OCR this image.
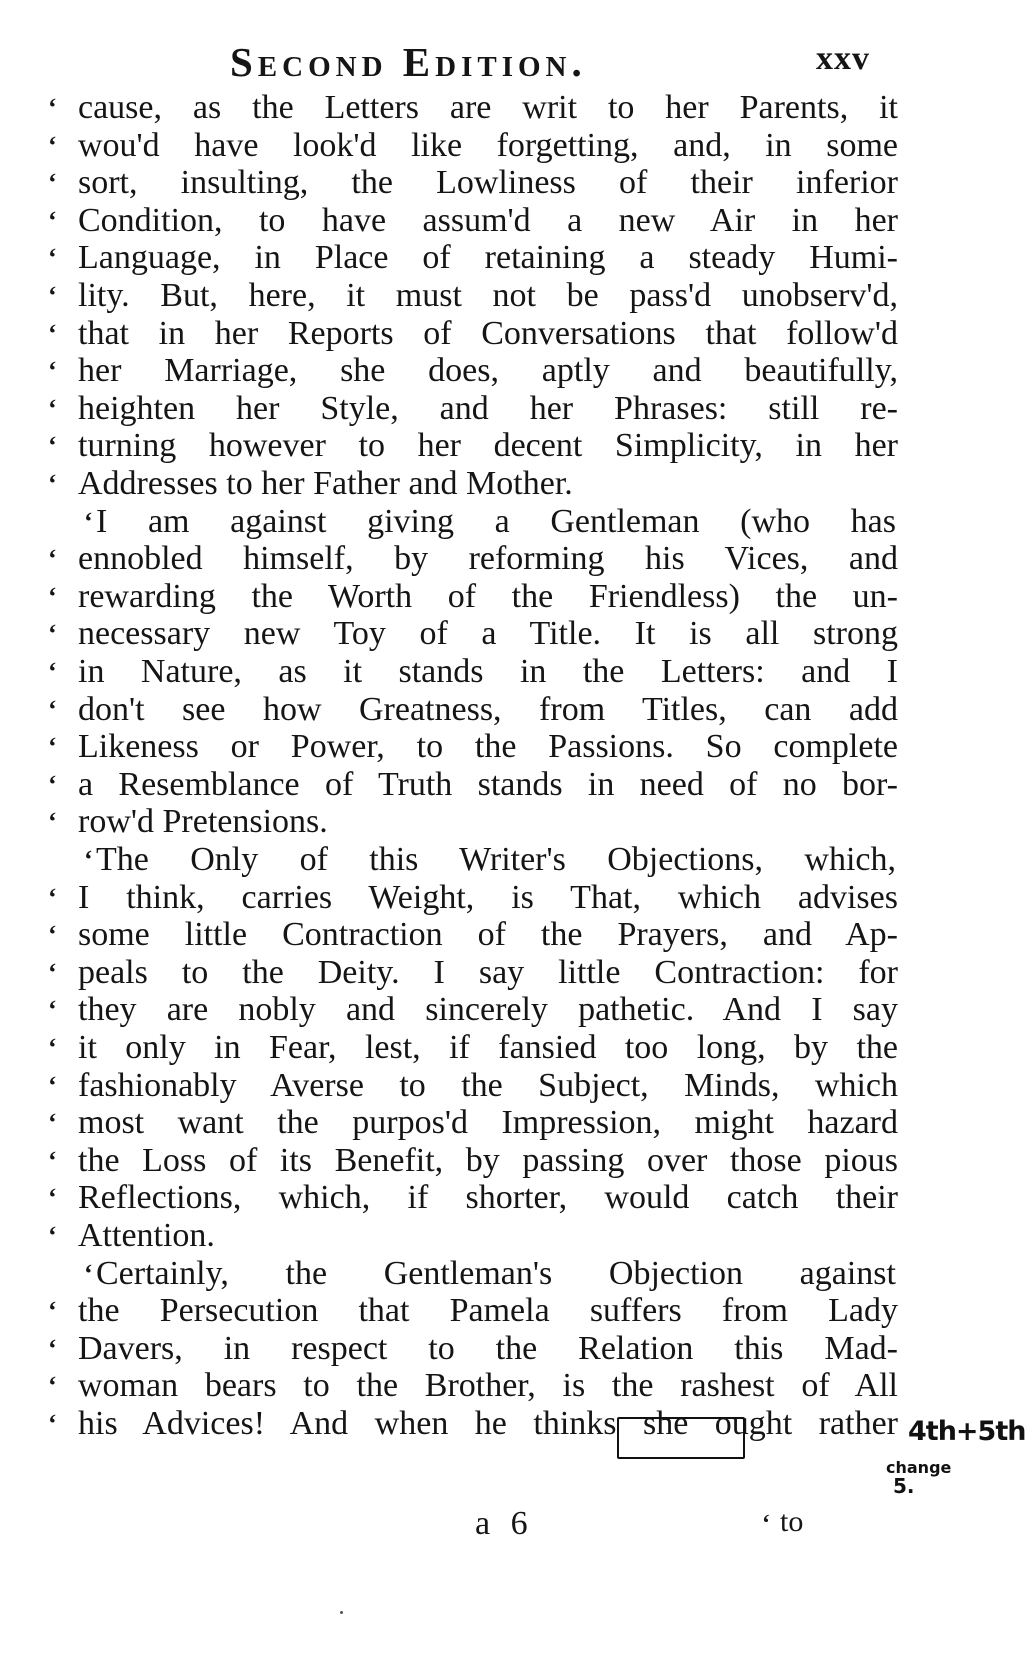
Second Edition.	xxv
‘ cause, as the Letters are writ to her Parents, it
‘ wou'd have look'd like forgetting, and, in some
‘ sort, insulting, the Lowliness of their inferior
‘ Condition, to have assum'd a new Air in her
‘ Language, in Place of retaining a steady Humi-
‘ lity. But, here, it must not be pass'd unobserv'd,
‘ that in her Reports of Conversations that follow'd
‘ her Marriage, she does, aptly and beautifully,
‘ heighten her Style, and her Phrases: still re-
‘ turning however to her decent Simplicity, in her
‘ Addresses to her Father and Mother.
‘ I am against giving a Gentleman (who has
‘ ennobled himself, by reforming his Vices, and
‘ rewarding the Worth of the Friendless) the un-
‘ necessary new Toy of a Title. It is all strong
‘ in Nature, as it stands in the Letters: and I
‘ don't see how Greatness, from Titles, can add
‘ Likeness or Power, to the Passions. So complete
‘ a Resemblance of Truth stands in need of no bor-
‘ row'd Pretensions.
‘ The Only of this Writer's Objections, which,
‘ I think, carries Weight, is That, which advises
‘ some little Contraction of the Prayers, and Ap-
‘ peals to the Deity. I say little Contraction: for
‘ they are nobly and sincerely pathetic. And I say
‘ it only in Fear, lest, if fansied too long, by the
‘ fashionably Averse to the Subject, Minds, which
‘ most want the purpos'd Impression, might hazard
‘ the Loss of its Benefit, by passing over those pious
‘ Reflections, which, if shorter, would catch their
‘ Attention.
‘ Certainly, the Gentleman's Objection against
‘ the Persecution that Pamela suffers from Lady
‘ Davers, in respect to the Relation this Mad-
‘ woman bears to the Brother, is the rashest of All
‘ his Advices! And when he thinks she ought rather 4th+5th
change
5.
a 6	‘ to
